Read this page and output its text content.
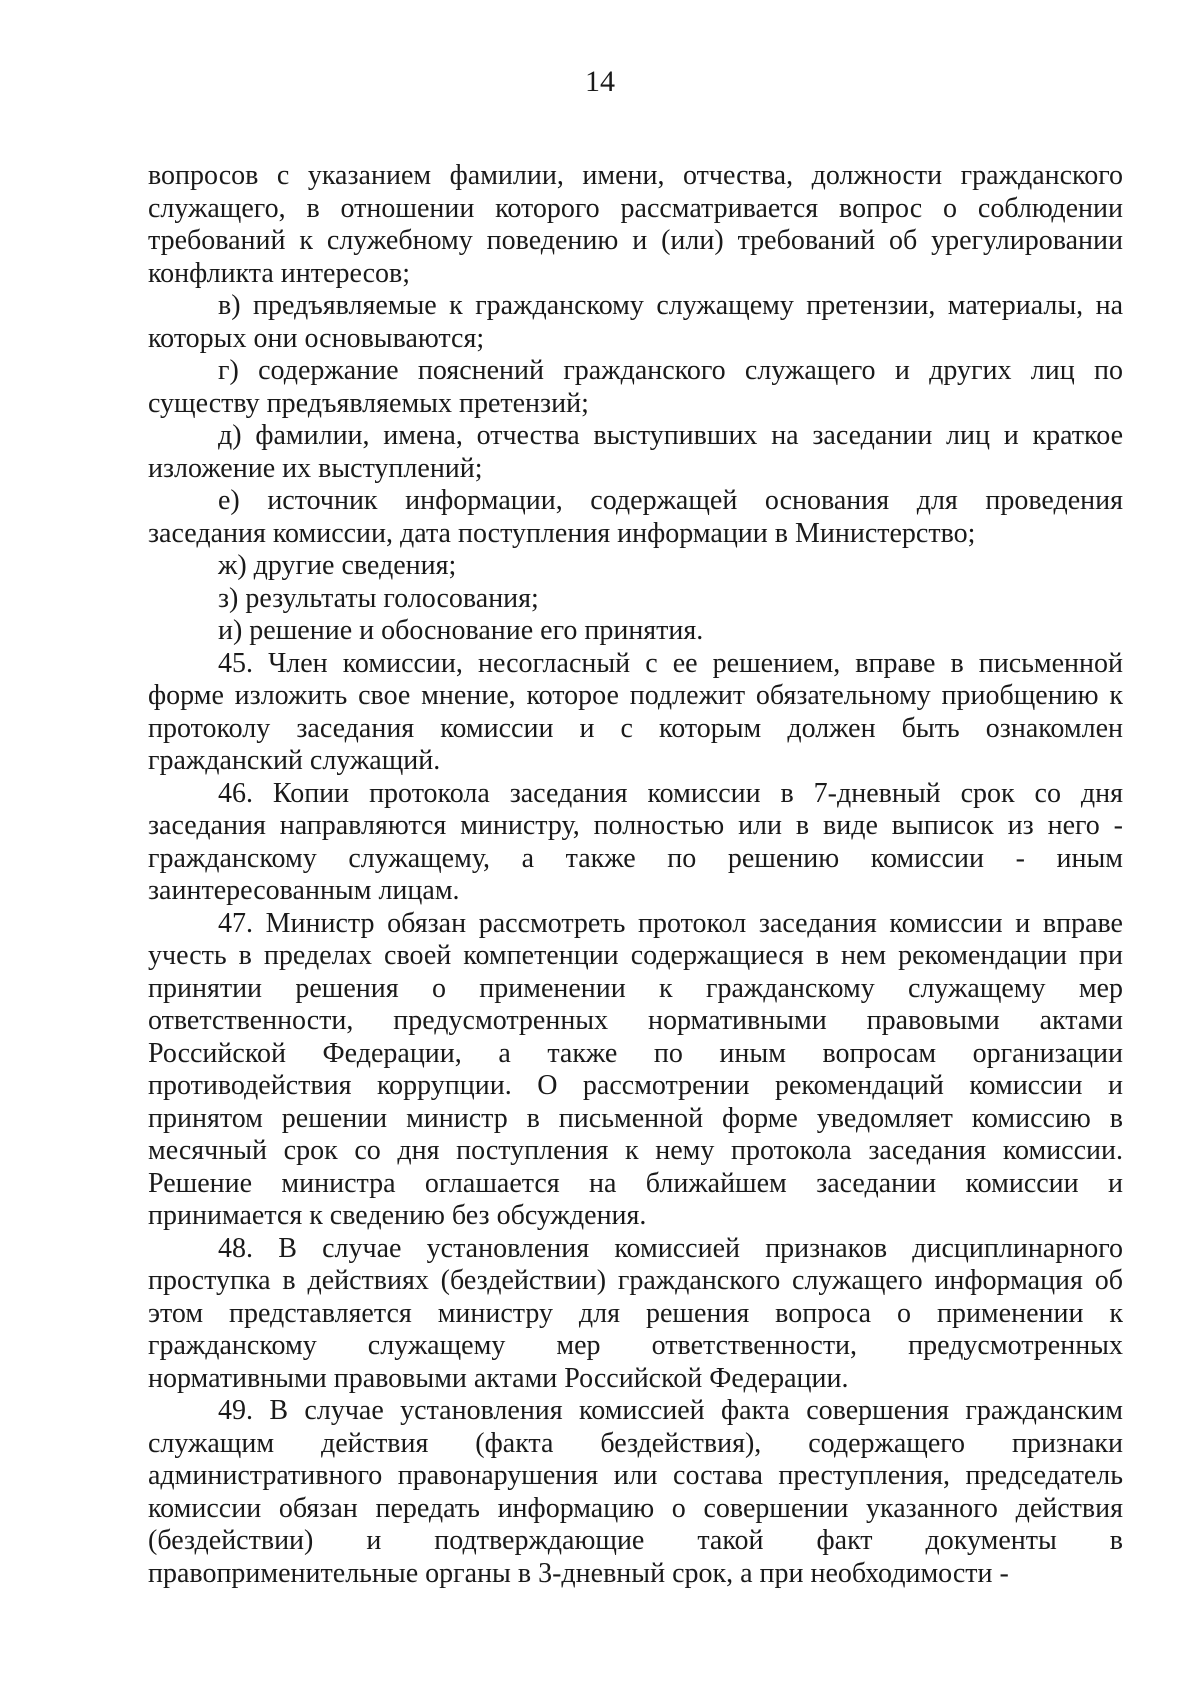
14

вопросов с указанием фамилии, имени, отчества, должности гражданского служащего, в отношении которого рассматривается вопрос о соблюдении требований к служебному поведению и (или) требований об урегулировании конфликта интересов;

в) предъявляемые к гражданскому служащему претензии, материалы, на которых они основываются;

г) содержание пояснений гражданского служащего и других лиц по существу предъявляемых претензий;

д) фамилии, имена, отчества выступивших на заседании лиц и краткое изложение их выступлений;

е) источник информации, содержащей основания для проведения заседания комиссии, дата поступления информации в Министерство;

ж) другие сведения;

з) результаты голосования;

и) решение и обоснование его принятия.

45. Член комиссии, несогласный с ее решением, вправе в письменной форме изложить свое мнение, которое подлежит обязательному приобщению к протоколу заседания комиссии и с которым должен быть ознакомлен гражданский служащий.

46. Копии протокола заседания комиссии в 7-дневный срок со дня заседания направляются министру, полностью или в виде выписок из него - гражданскому служащему, а также по решению комиссии - иным заинтересованным лицам.

47. Министр обязан рассмотреть протокол заседания комиссии и вправе учесть в пределах своей компетенции содержащиеся в нем рекомендации при принятии решения о применении к гражданскому служащему мер ответственности, предусмотренных нормативными правовыми актами Российской Федерации, а также по иным вопросам организации противодействия коррупции. О рассмотрении рекомендаций комиссии и принятом решении министр в письменной форме уведомляет комиссию в месячный срок со дня поступления к нему протокола заседания комиссии. Решение министра оглашается на ближайшем заседании комиссии и принимается к сведению без обсуждения.

48. В случае установления комиссией признаков дисциплинарного проступка в действиях (бездействии) гражданского служащего информация об этом представляется министру для решения вопроса о применении к гражданскому служащему мер ответственности, предусмотренных нормативными правовыми актами Российской Федерации.

49. В случае установления комиссией факта совершения гражданским служащим действия (факта бездействия), содержащего признаки административного правонарушения или состава преступления, председатель комиссии обязан передать информацию о совершении указанного действия (бездействии) и подтверждающие такой факт документы в правоприменительные органы в 3-дневный срок, а при необходимости -
